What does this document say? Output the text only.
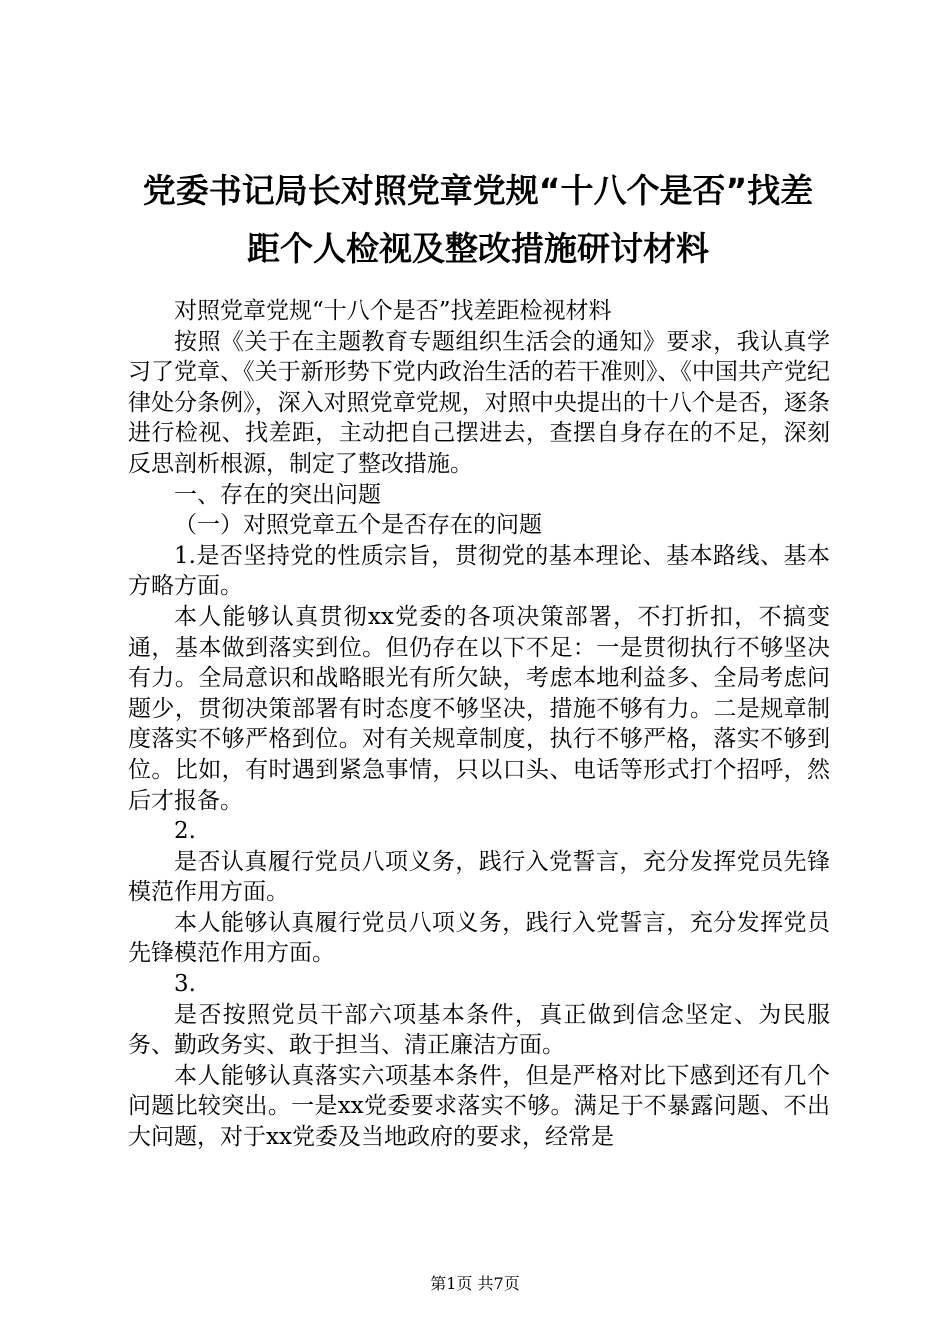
党委书记局长对照党章党规“十八个是否”找差距个人检视及整改措施研讨材料

对照党章党规“十八个是否”找差距检视材料

按照《关于在主题教育专题组织生活会的通知》要求，我认真学习了党章、《关于新形势下党内政治生活的若干准则》、《中国共产党纪律处分条例》，深入对照党章党规，对照中央提出的十八个是否，逐条进行检视、找差距，主动把自己摆进去，查摆自身存在的不足，深刻反思剖析根源，制定了整改措施。

一、存在的突出问题

（一）对照党章五个是否存在的问题

1.是否坚持党的性质宗旨，贯彻党的基本理论、基本路线、基本方略方面。

本人能够认真贯彻xx党委的各项决策部署，不打折扣，不搞变通，基本做到落实到位。但仍存在以下不足：一是贯彻执行不够坚决有力。全局意识和战略眼光有所欠缺，考虑本地利益多、全局考虑问题少，贯彻决策部署有时态度不够坚决，措施不够有力。二是规章制度落实不够严格到位。对有关规章制度，执行不够严格，落实不够到位。比如，有时遇到紧急事情，只以口头、电话等形式打个招呼，然后才报备。

2.

是否认真履行党员八项义务，践行入党誓言，充分发挥党员先锋模范作用方面。

本人能够认真履行党员八项义务，践行入党誓言，充分发挥党员先锋模范作用方面。

3.

是否按照党员干部六项基本条件，真正做到信念坚定、为民服务、勤政务实、敢于担当、清正廉洁方面。

本人能够认真落实六项基本条件，但是严格对比下感到还有几个问题比较突出。一是xx党委要求落实不够。满足于不暴露问题、不出大问题，对于xx党委及当地政府的要求，经常是

第1页 共7页
